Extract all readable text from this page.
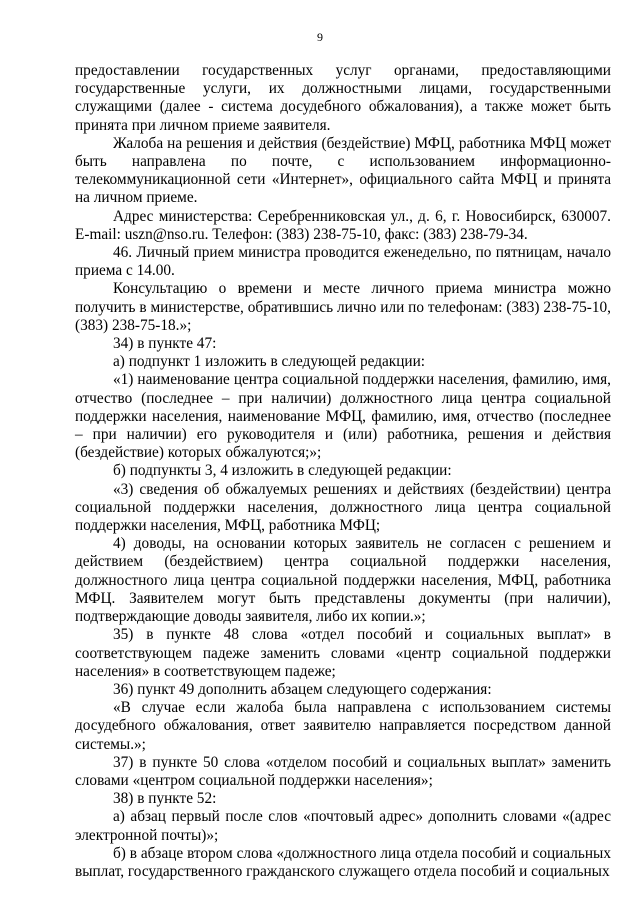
9

предоставлении государственных услуг органами, предоставляющими государственные услуги, их должностными лицами, государственными служащими (далее - система досудебного обжалования), а также может быть принята при личном приеме заявителя.

Жалоба на решения и действия (бездействие) МФЦ, работника МФЦ может быть направлена по почте, с использованием информационно-телекоммуникационной сети «Интернет», официального сайта МФЦ и принята на личном приеме.

Адрес министерства: Серебренниковская ул., д. 6, г. Новосибирск, 630007. E-mail: uszn@nso.ru. Телефон: (383) 238-75-10, факс: (383) 238-79-34.

46. Личный прием министра проводится еженедельно, по пятницам, начало приема с 14.00.

Консультацию о времени и месте личного приема министра можно получить в министерстве, обратившись лично или по телефонам: (383) 238-75-10, (383) 238-75-18.»;

34) в пункте 47:

а) подпункт 1 изложить в следующей редакции:

«1) наименование центра социальной поддержки населения, фамилию, имя, отчество (последнее – при наличии) должностного лица центра социальной поддержки населения, наименование МФЦ, фамилию, имя, отчество (последнее – при наличии) его руководителя и (или) работника, решения и действия (бездействие) которых обжалуются;»;

б) подпункты 3, 4 изложить в следующей редакции:

«3) сведения об обжалуемых решениях и действиях (бездействии) центра социальной поддержки населения, должностного лица центра социальной поддержки населения, МФЦ, работника МФЦ;

4) доводы, на основании которых заявитель не согласен с решением и действием (бездействием) центра социальной поддержки населения, должностного лица центра социальной поддержки населения, МФЦ, работника МФЦ. Заявителем могут быть представлены документы (при наличии), подтверждающие доводы заявителя, либо их копии.»;

35) в пункте 48 слова «отдел пособий и социальных выплат» в соответствующем падеже заменить словами «центр социальной поддержки населения» в соответствующем падеже;

36) пункт 49 дополнить абзацем следующего содержания:

«В случае если жалоба была направлена с использованием системы досудебного обжалования, ответ заявителю направляется посредством данной системы.»;

37) в пункте 50 слова «отделом пособий и социальных выплат» заменить словами «центром социальной поддержки населения»;

38) в пункте 52:

а) абзац первый после слов «почтовый адрес» дополнить словами «(адрес электронной почты)»;

б) в абзаце втором слова «должностного лица отдела пособий и социальных выплат, государственного гражданского служащего отдела пособий и социальных
